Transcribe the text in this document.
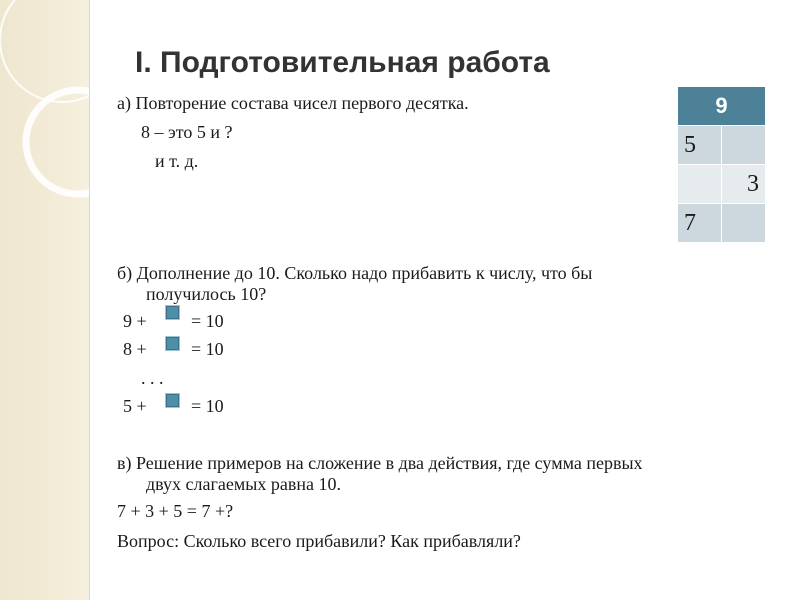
I. Подготовительная работа
а) Повторение состава чисел первого десятка.
8 – это 5 и ?
и т. д.
9	
5	
	3
7	
б) Дополнение до 10. Сколько надо прибавить к числу, что бы
получилось 10?
9 + = 10
8 + = 10
. . .
5 + = 10
в) Решение примеров на сложение в два действия, где сумма первых
двух слагаемых равна 10.
7 + 3 + 5 = 7 +?
Вопрос: Сколько всего прибавили? Как прибавляли?
